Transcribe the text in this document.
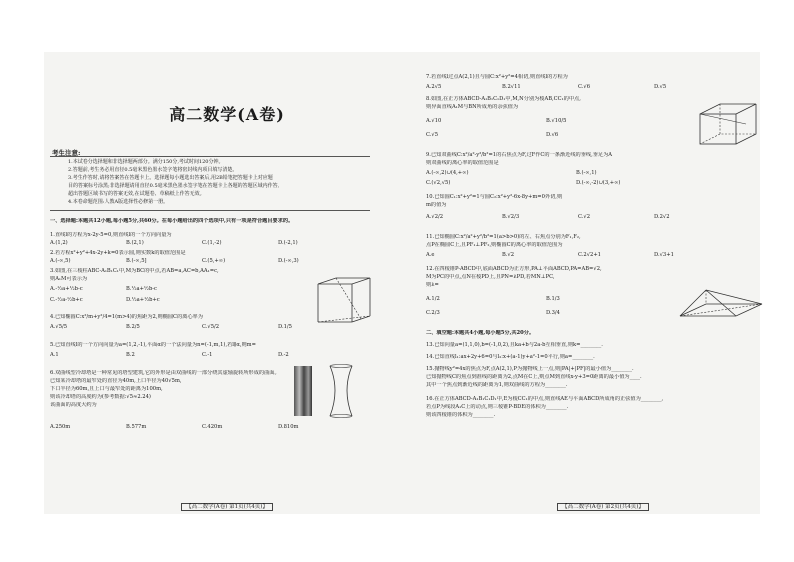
高二数学(A卷)
考生注意:
1.本试卷分选择题和非选择题两部分。满分150分,考试时间120分钟。
2.答题前,考生务必用直径0.5毫米黑色墨水签字笔将密封线内项目填写清楚。
3.考生作答时,请将答案答在答题卡上。选择题每小题选出答案后,用2B铅笔把答题卡上对应题
目的答案标号涂黑;非选择题请用直径0.5毫米黑色墨水签字笔在答题卡上各题的答题区域内作答,
超出答题区域书写的答案无效,在试题卷、草稿纸上作答无效。
4.本卷命题范围:人教A版选择性必修第一册。
一、选择题:本题共12小题,每小题5分,共60分。在每小题给出的四个选项中,只有一项是符合题目要求的。
1.直线l的方程为x-2y-5=0,则直线l的一个方向向量为
A.(1,2)	B.(2,1)	C.(1,-2)	D.(-2,1)
2.若方程x²+y²+4x-2y+k=0表示圆,则实数k的取值范围是
A.(-∞,5)	B.(-∞,5]	C.(5,+∞)	D.(-∞,3)
3.如图,在三棱柱ABC-A₁B₁C₁中,M为BC的中点,若AB=a,AC=b,AA₁=c,
则A₁M可表示为
A.-½a+½b-c	B.½a+½b-c
C.-½a-½b+c	D.½a+½b+c
4.已知椭圆C:x²/m+y²/4=1(m>4)的焦距为2,则椭圆C的离心率为
A.√5/5	B.2/5	C.√5/2	D.1/5
5.已知直线l的一个方向向量为a=(1,2,-1),平面α的一个法向量为n=(-1,m,1),若l∥α,则m=
A.1	B.2	C.-1	D.-2
6.双曲线型冷却塔是一种常见的塔型建筑,它的外形是由双曲线的一部分绕其虚轴旋转所形成的曲面。
已知某冷却塔的最窄处的直径为40m,上口半径为40√5m,
下口半径为60m,且上口与最窄处的距离为100m,
则该冷却塔的高度约为(参考数据:√5≈2.24)
该曲面的高度大约为
A.250m	B.577m	C.420m	D.810m
【高二数学(A卷) 第1页(共4页)】
7.若直线l过点A(2,1)且与圆C:x²+y²=4相切,则直线l的方程为
A.2√5	B.2√11	C.√6	D.√5
8.如图,在正方体ABCD-A₁B₁C₁D₁中,M,N分别为棱AB,CC₁的中点,
则异面直线A₁M与BN所成角的余弦值为
A.√10	B.√10/5
C.√5	D.√6
9.已知双曲线C:x²/a²-y²/b²=1的右焦点为F,过F作C的一条渐近线的垂线,垂足为A
则双曲线的离心率的取值范围是
A.(-∞,2)∪(4,+∞)	B.(-∞,1)
C.(√2,√5)	D.(-∞,-2)∪(3,+∞)
10.已知圆C₁:x²+y²=1与圆C₂:x²+y²-6x-8y+m=0外切,则
m的值为
A.√2/2	B.√2/3	C.√2	D.2√2
11.已知椭圆C:x²/a²+y²/b²=1(a>b>0)的左、右焦点分别为F₁,F₂,
点P在椭圆C上,且PF₁⊥PF₂,则椭圆C的离心率的取值范围为
A.e	B.√2	C.2√2+1	D.√3+1
12.在四棱锥P-ABCD中,底面ABCD为正方形,PA⊥平面ABCD,PA=AB=√2,
M为PC的中点,点N在棱PD上,且PN=λPD,若MN⊥PC,
则λ=
A.1/2	B.1/3
C.2/3	D.3/4
二、填空题:本题共4小题,每小题5分,共20分。
13.已知向量a=(1,1,0),b=(-1,0,2),且ka+b与2a-b互相垂直,则k=________.
14.已知直线l₁:ax+2y+6=0与l₂:x+(a-1)y+a²-1=0平行,则a=________.
15.抛物线y²=4x的焦点为F,点A(2,1),P为抛物线上一点,则|PA|+|PF|的最小值为________.
已知抛物线C的焦点到准线的距离为2,点M在C上,则点M到直线x-y+3=0距离的最小值为____.
其中一个焦点到渐近线的距离为1,则双曲线的方程为________.
16.在正方体ABCD-A₁B₁C₁D₁中,E为棱CC₁的中点,则直线AE与平面ABCD所成角的正弦值为________,
若点P为线段A₁C上的动点,则三棱锥P-BDE的体积为________.
则该四棱锥的体积为________.
【高二数学(A卷) 第2页(共4页)】
